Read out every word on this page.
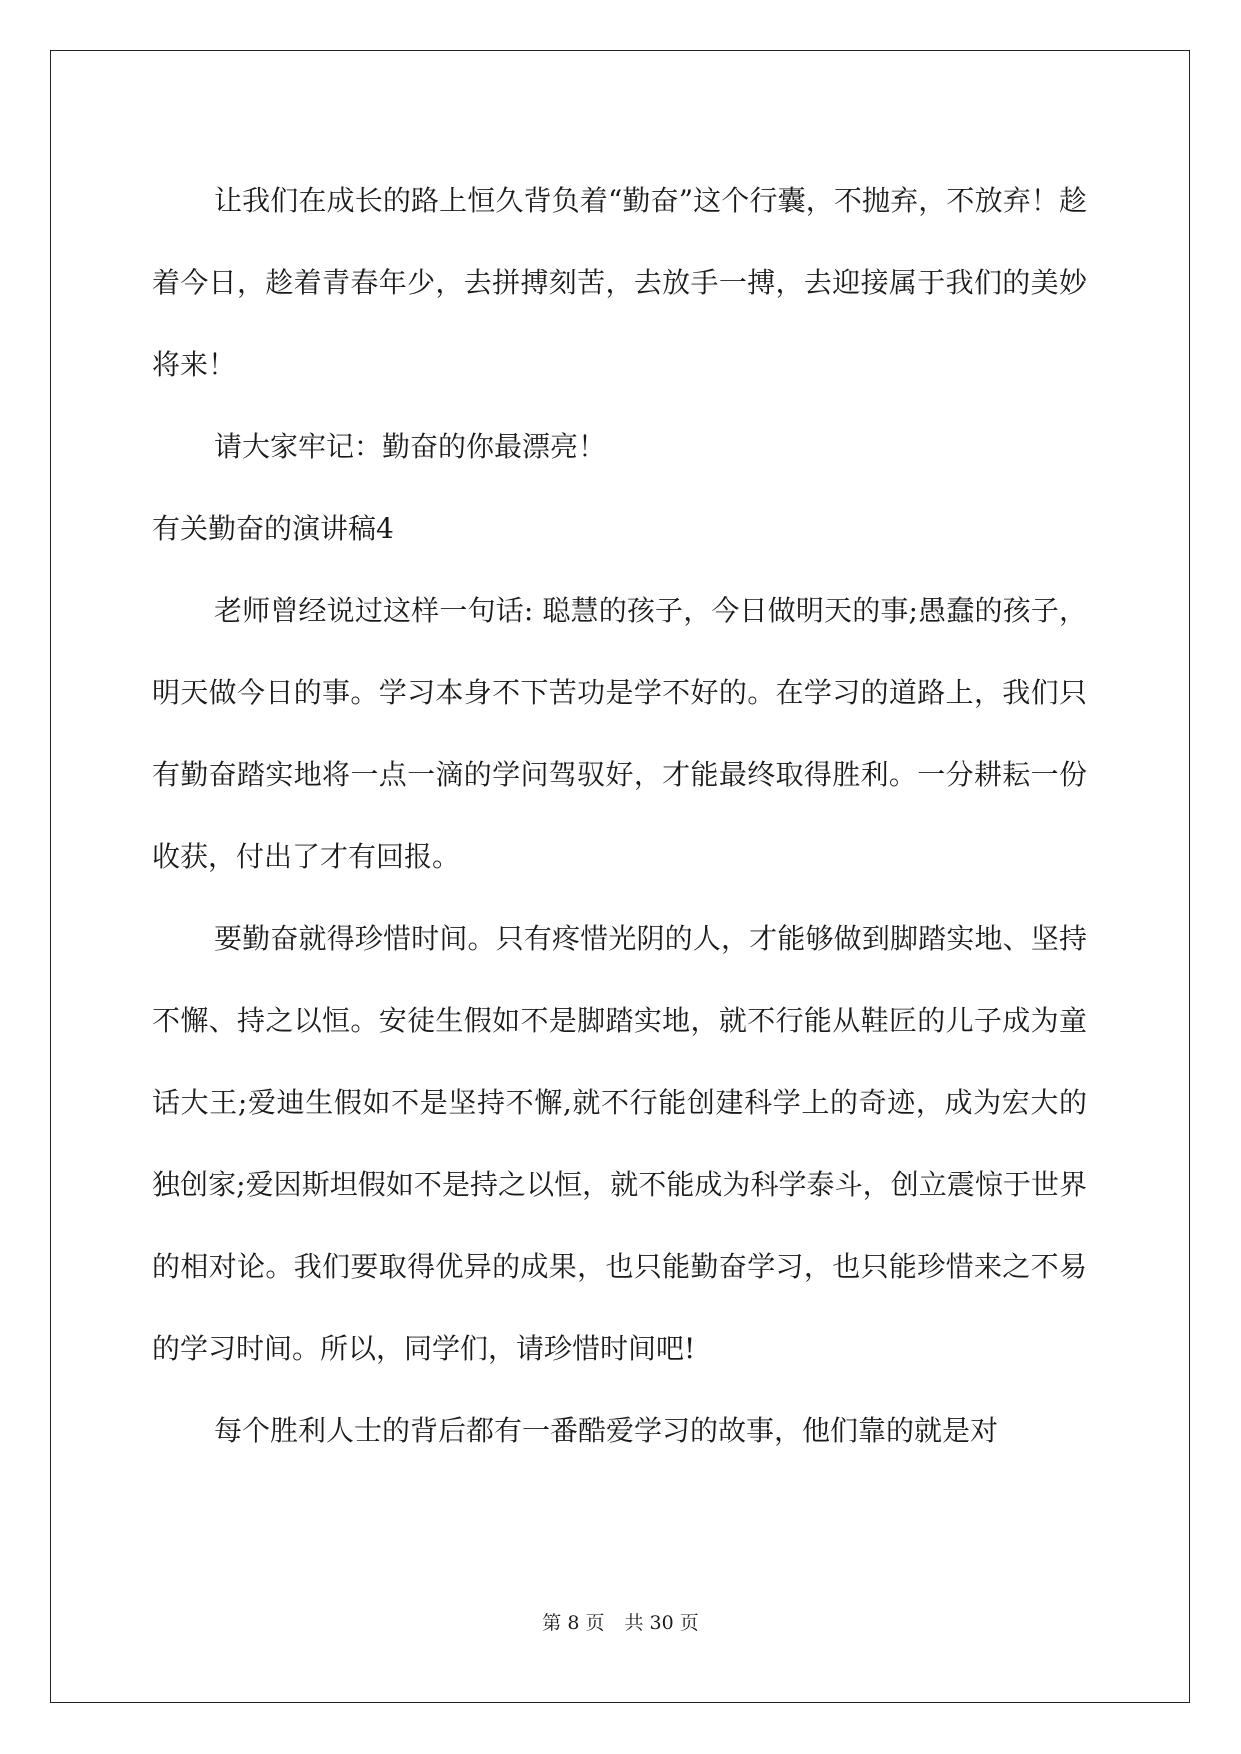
让我们在成长的路上恒久背负着“勤奋”这个行囊，不抛弃，不放弃！趁着今日，趁着青春年少，去拼搏刻苦，去放手一搏，去迎接属于我们的美妙将来！

请大家牢记：勤奋的你最漂亮！

有关勤奋的演讲稿4

老师曾经说过这样一句话: 聪慧的孩子，今日做明天的事;愚蠢的孩子，明天做今日的事。学习本身不下苦功是学不好的。在学习的道路上，我们只有勤奋踏实地将一点一滴的学问驾驭好，才能最终取得胜利。一分耕耘一份收获，付出了才有回报。

要勤奋就得珍惜时间。只有疼惜光阴的人，才能够做到脚踏实地、坚持不懈、持之以恒。安徒生假如不是脚踏实地，就不行能从鞋匠的儿子成为童话大王;爱迪生假如不是坚持不懈,就不行能创建科学上的奇迹，成为宏大的独创家;爱因斯坦假如不是持之以恒，就不能成为科学泰斗，创立震惊于世界的相对论。我们要取得优异的成果，也只能勤奋学习，也只能珍惜来之不易的学习时间。所以，同学们，请珍惜时间吧!

每个胜利人士的背后都有一番酷爱学习的故事，他们靠的就是对

第 8 页 共 30 页
